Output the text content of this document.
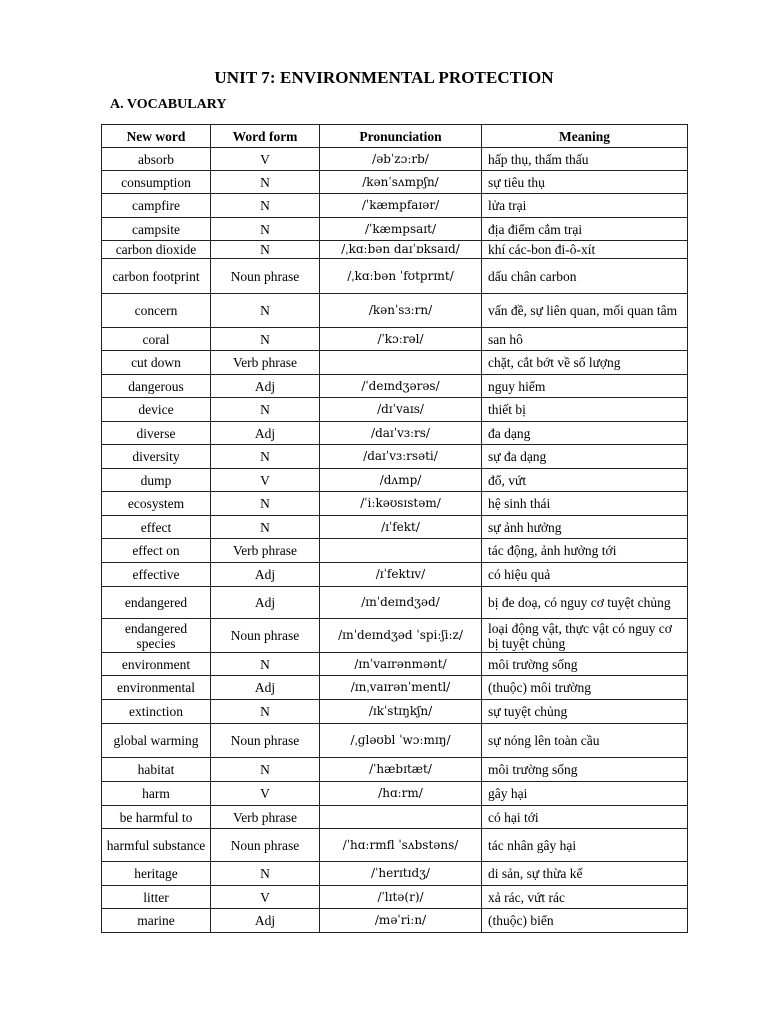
UNIT 7: ENVIRONMENTAL PROTECTION
A. VOCABULARY
New word	Word form	Pronunciation	Meaning
absorb	V	/əbˈzɔːrb/	hấp thụ, thấm thấu
consumption	N	/kənˈsʌmpʃn/	sự tiêu thụ
campfire	N	/ˈkæmpfaɪər/	lửa trại
campsite	N	/ˈkæmpsaɪt/	địa điểm cắm trại
carbon dioxide	N	/ˌkɑːbən daɪˈɒksaɪd/	khí các-bon đi-ô-xít
carbon footprint	Noun phrase	/ˌkɑːbən ˈfʊtprɪnt/	dấu chân carbon
concern	N	/kənˈsɜːrn/	vấn đề, sự liên quan, mối quan tâm
coral	N	/ˈkɔːrəl/	san hô
cut down	Verb phrase		chặt, cắt bớt về số lượng
dangerous	Adj	/ˈdeɪndʒərəs/	nguy hiểm
device	N	/dɪˈvaɪs/	thiết bị
diverse	Adj	/daɪˈvɜːrs/	đa dạng
diversity	N	/daɪˈvɜːrsəti/	sự đa dạng
dump	V	/dʌmp/	đổ, vứt
ecosystem	N	/ˈiːkəʊsɪstəm/	hệ sinh thái
effect	N	/ɪˈfekt/	sự ảnh hưởng
effect on	Verb phrase		tác động, ảnh hưởng tới
effective	Adj	/ɪˈfektɪv/	có hiệu quả
endangered	Adj	/ɪnˈdeɪndʒəd/	bị đe doạ, có nguy cơ tuyệt chủng
endangered species	Noun phrase	/ɪnˈdeɪndʒəd ˈspiːʃiːz/	loại động vật, thực vật có nguy cơ bị tuyệt chủng
environment	N	/ɪnˈvaɪrənmənt/	môi trường sống
environmental	Adj	/ɪnˌvaɪrənˈmentl/	(thuộc) môi trường
extinction	N	/ɪkˈstɪŋkʃn/	sự tuyệt chủng
global warming	Noun phrase	/ˌɡləʊbl ˈwɔːmɪŋ/	sự nóng lên toàn cầu
habitat	N	/ˈhæbɪtæt/	môi trường sống
harm	V	/hɑːrm/	gây hại
be harmful to	Verb phrase		có hại tới
harmful substance	Noun phrase	/ˈhɑːrmfl ˈsʌbstəns/	tác nhân gây hại
heritage	N	/ˈherɪtɪdʒ/	di sản, sự thừa kế
litter	V	/ˈlɪtə(r)/	xả rác, vứt rác
marine	Adj	/məˈriːn/	(thuộc) biển
